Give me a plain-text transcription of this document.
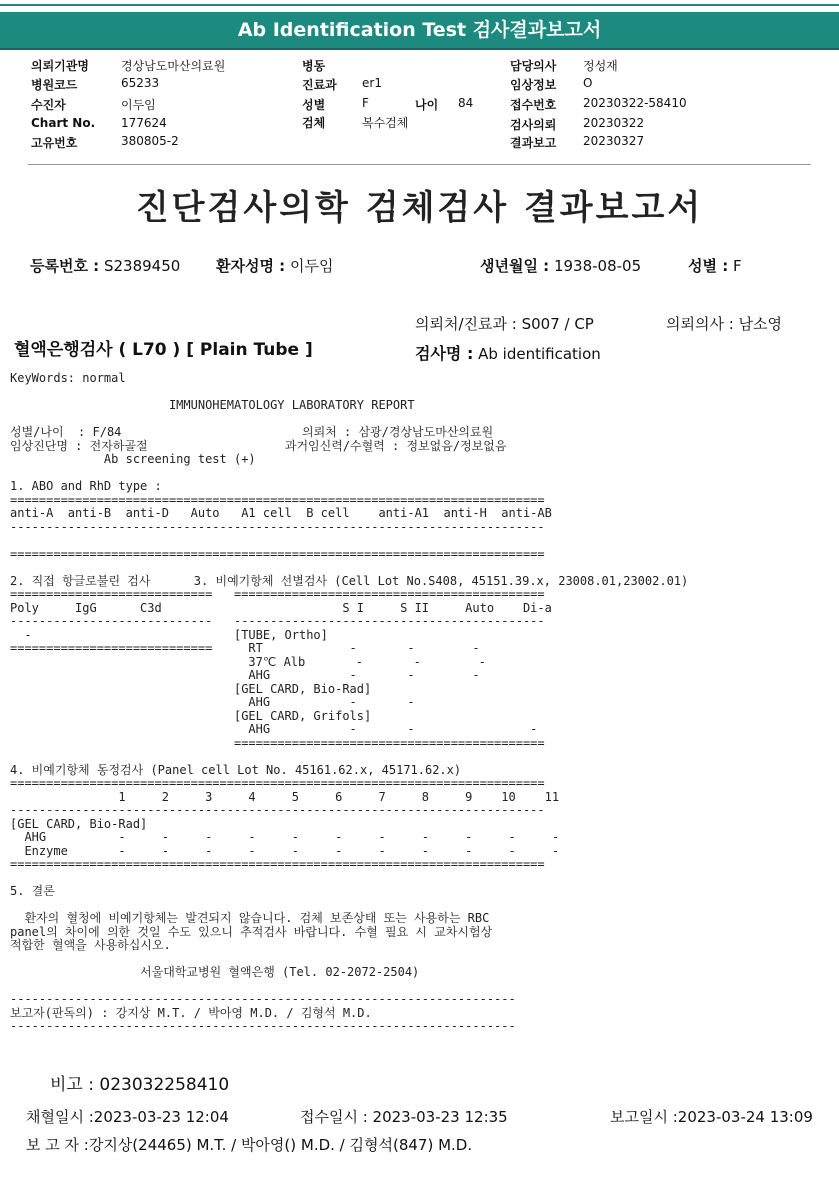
Ab Identification Test 검사결과보고서
의뢰기관명	경상남도마산의료원
병원코드	65233
수진자	이두임
Chart No. 177624
고유번호	380805-2
병동
진료과 er1
성별	F	나이 84
검체	복수검체
담당의사 정성재
임상정보 O
접수번호 20230322-58410
검사의뢰 20230322
결과보고 20230327
진단검사의학 검체검사 결과보고서
등록번호 : S2389450 환자성명 : 이두임	생년월일 : 1938-08-05	성별 : F
의뢰처/진료과 : S007 / CP	의뢰의사 : 남소영
혈액은행검사 ( L70 ) [ Plain Tube ]	검사명 : Ab identification
KeyWords: normal

IMMUNOHEMATOLOGY LABORATORY REPORT

성별/나이  : F/84                         의뢰처 : 삼광/경상남도마산의료원
임상진단명 : 전자하골절                   과거임신력/수혈력 : 정보없음/정보없음
Ab screening test (+)

1. ABO and RhD type :
==========================================================================
anti-A  anti-B  anti-D   Auto   A1 cell  B cell    anti-A1  anti-H  anti-AB
--------------------------------------------------------------------------

==========================================================================

2. 직접 항글로불린 검사      3. 비예기항체 선별검사 (Cell Lot No.S408, 45151.39.x, 23008.01,23002.01)
============================   ===========================================
Poly     IgG      C3d                         S I     S II     Auto    Di-a
----------------------------   -------------------------------------------
-                            [TUBE, Ortho]
============================     RT            -       -        -
37℃ Alb       -       -        -
AHG           -       -        -
[GEL CARD, Bio-Rad]
AHG           -       -
[GEL CARD, Grifols]
AHG           -       -                -
===========================================

4. 비예기항체 동정검사 (Panel cell Lot No. 45161.62.x, 45171.62.x)
==========================================================================
1     2     3     4     5     6     7     8     9    10    11
--------------------------------------------------------------------------
[GEL CARD, Bio-Rad]
AHG          -     -     -     -     -     -     -     -     -     -     -
Enzyme       -     -     -     -     -     -     -     -     -     -     -
==========================================================================

5. 결론

환자의 혈청에 비예기항체는 발견되지 않습니다. 검체 보존상태 또는 사용하는 RBC
panel의 차이에 의한 것일 수도 있으니 추적검사 바랍니다. 수혈 필요 시 교차시험상
적합한 혈액을 사용하십시오.

서울대학교병원 혈액은행 (Tel. 02-2072-2504)

----------------------------------------------------------------------
보고자(판독의) : 강지상 M.T. / 박아영 M.D. / 김형석 M.D.
----------------------------------------------------------------------
비고 : 023032258410
채혈일시 :2023-03-23 12:04	접수일시 : 2023-03-23 12:35	보고일시 :2023-03-24 13:09
보 고 자 :강지상(24465) M.T. / 박아영() M.D. / 김형석(847) M.D.
